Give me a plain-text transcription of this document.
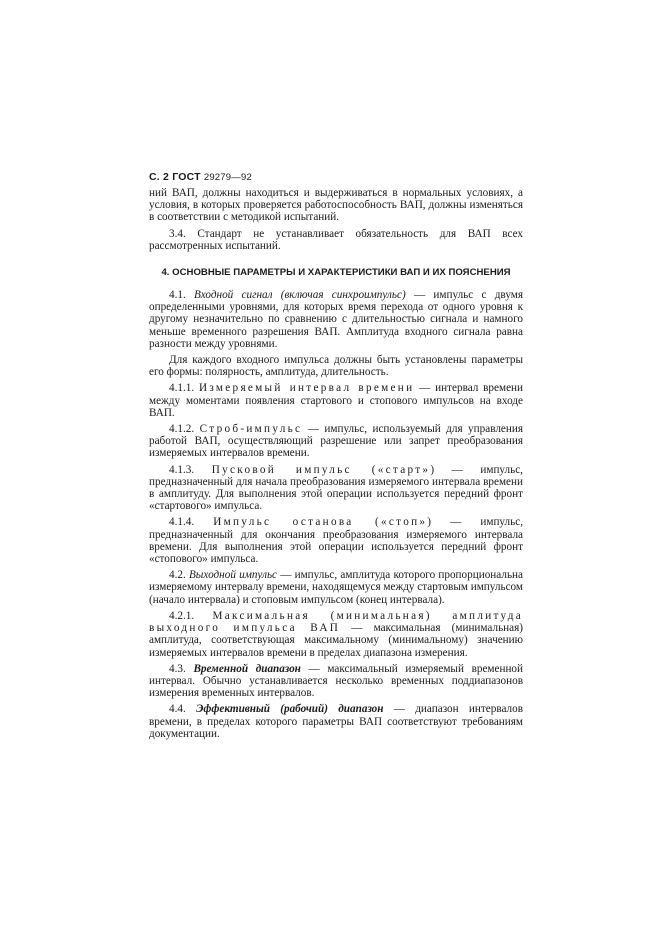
С. 2 ГОСТ 29279—92

ний ВАП, должны находиться и выдерживаться в нормальных условиях, а условия, в которых проверяется работоспособность ВАП, должны изменяться в соответствии с методикой испытаний.

3.4. Стандарт не устанавливает обязательность для ВАП всех рассмотренных испытаний.

4. ОСНОВНЫЕ ПАРАМЕТРЫ И ХАРАКТЕРИСТИКИ ВАП И ИХ ПОЯСНЕНИЯ

4.1. Входной сигнал (включая синхроимпульс) — импульс с двумя определенными уровнями, для которых время перехода от одного уровня к другому незначительно по сравнению с длительностью сигнала и намного меньше временного разрешения ВАП. Амплитуда входного сигнала равна разности между уровнями.

Для каждого входного импульса должны быть установлены параметры его формы: полярность, амплитуда, длительность.

4.1.1. Измеряемый интервал времени — интервал времени между моментами появления стартового и стопового импульсов на входе ВАП.

4.1.2. Строб-импульс — импульс, используемый для управления работой ВАП, осуществляющий разрешение или запрет преобразования измеряемых интервалов времени.

4.1.3. Пусковой импульс («старт») — импульс, предназначенный для начала преобразования измеряемого интервала времени в амплитуду. Для выполнения этой операции используется передний фронт «стартового» импульса.

4.1.4. Импульс останова («стоп») — импульс, предназначенный для окончания преобразования измеряемого интервала времени. Для выполнения этой операции используется передний фронт «стопового» импульса.

4.2. Выходной импульс — импульс, амплитуда которого пропорциональна измеряемому интервалу времени, находящемуся между стартовым импульсом (начало интервала) и стоповым импульсом (конец интервала).

4.2.1. Максимальная (минимальная) амплитуда выходного импульса ВАП — максимальная (минимальная) амплитуда, соответствующая максимальному (минимальному) значению измеряемых интервалов времени в пределах диапазона измерения.

4.3. Временной диапазон — максимальный измеряемый временной интервал. Обычно устанавливается несколько временных поддиапазонов измерения временных интервалов.

4.4. Эффективный (рабочий) диапазон — диапазон интервалов времени, в пределах которого параметры ВАП соответствуют требованиям документации.
